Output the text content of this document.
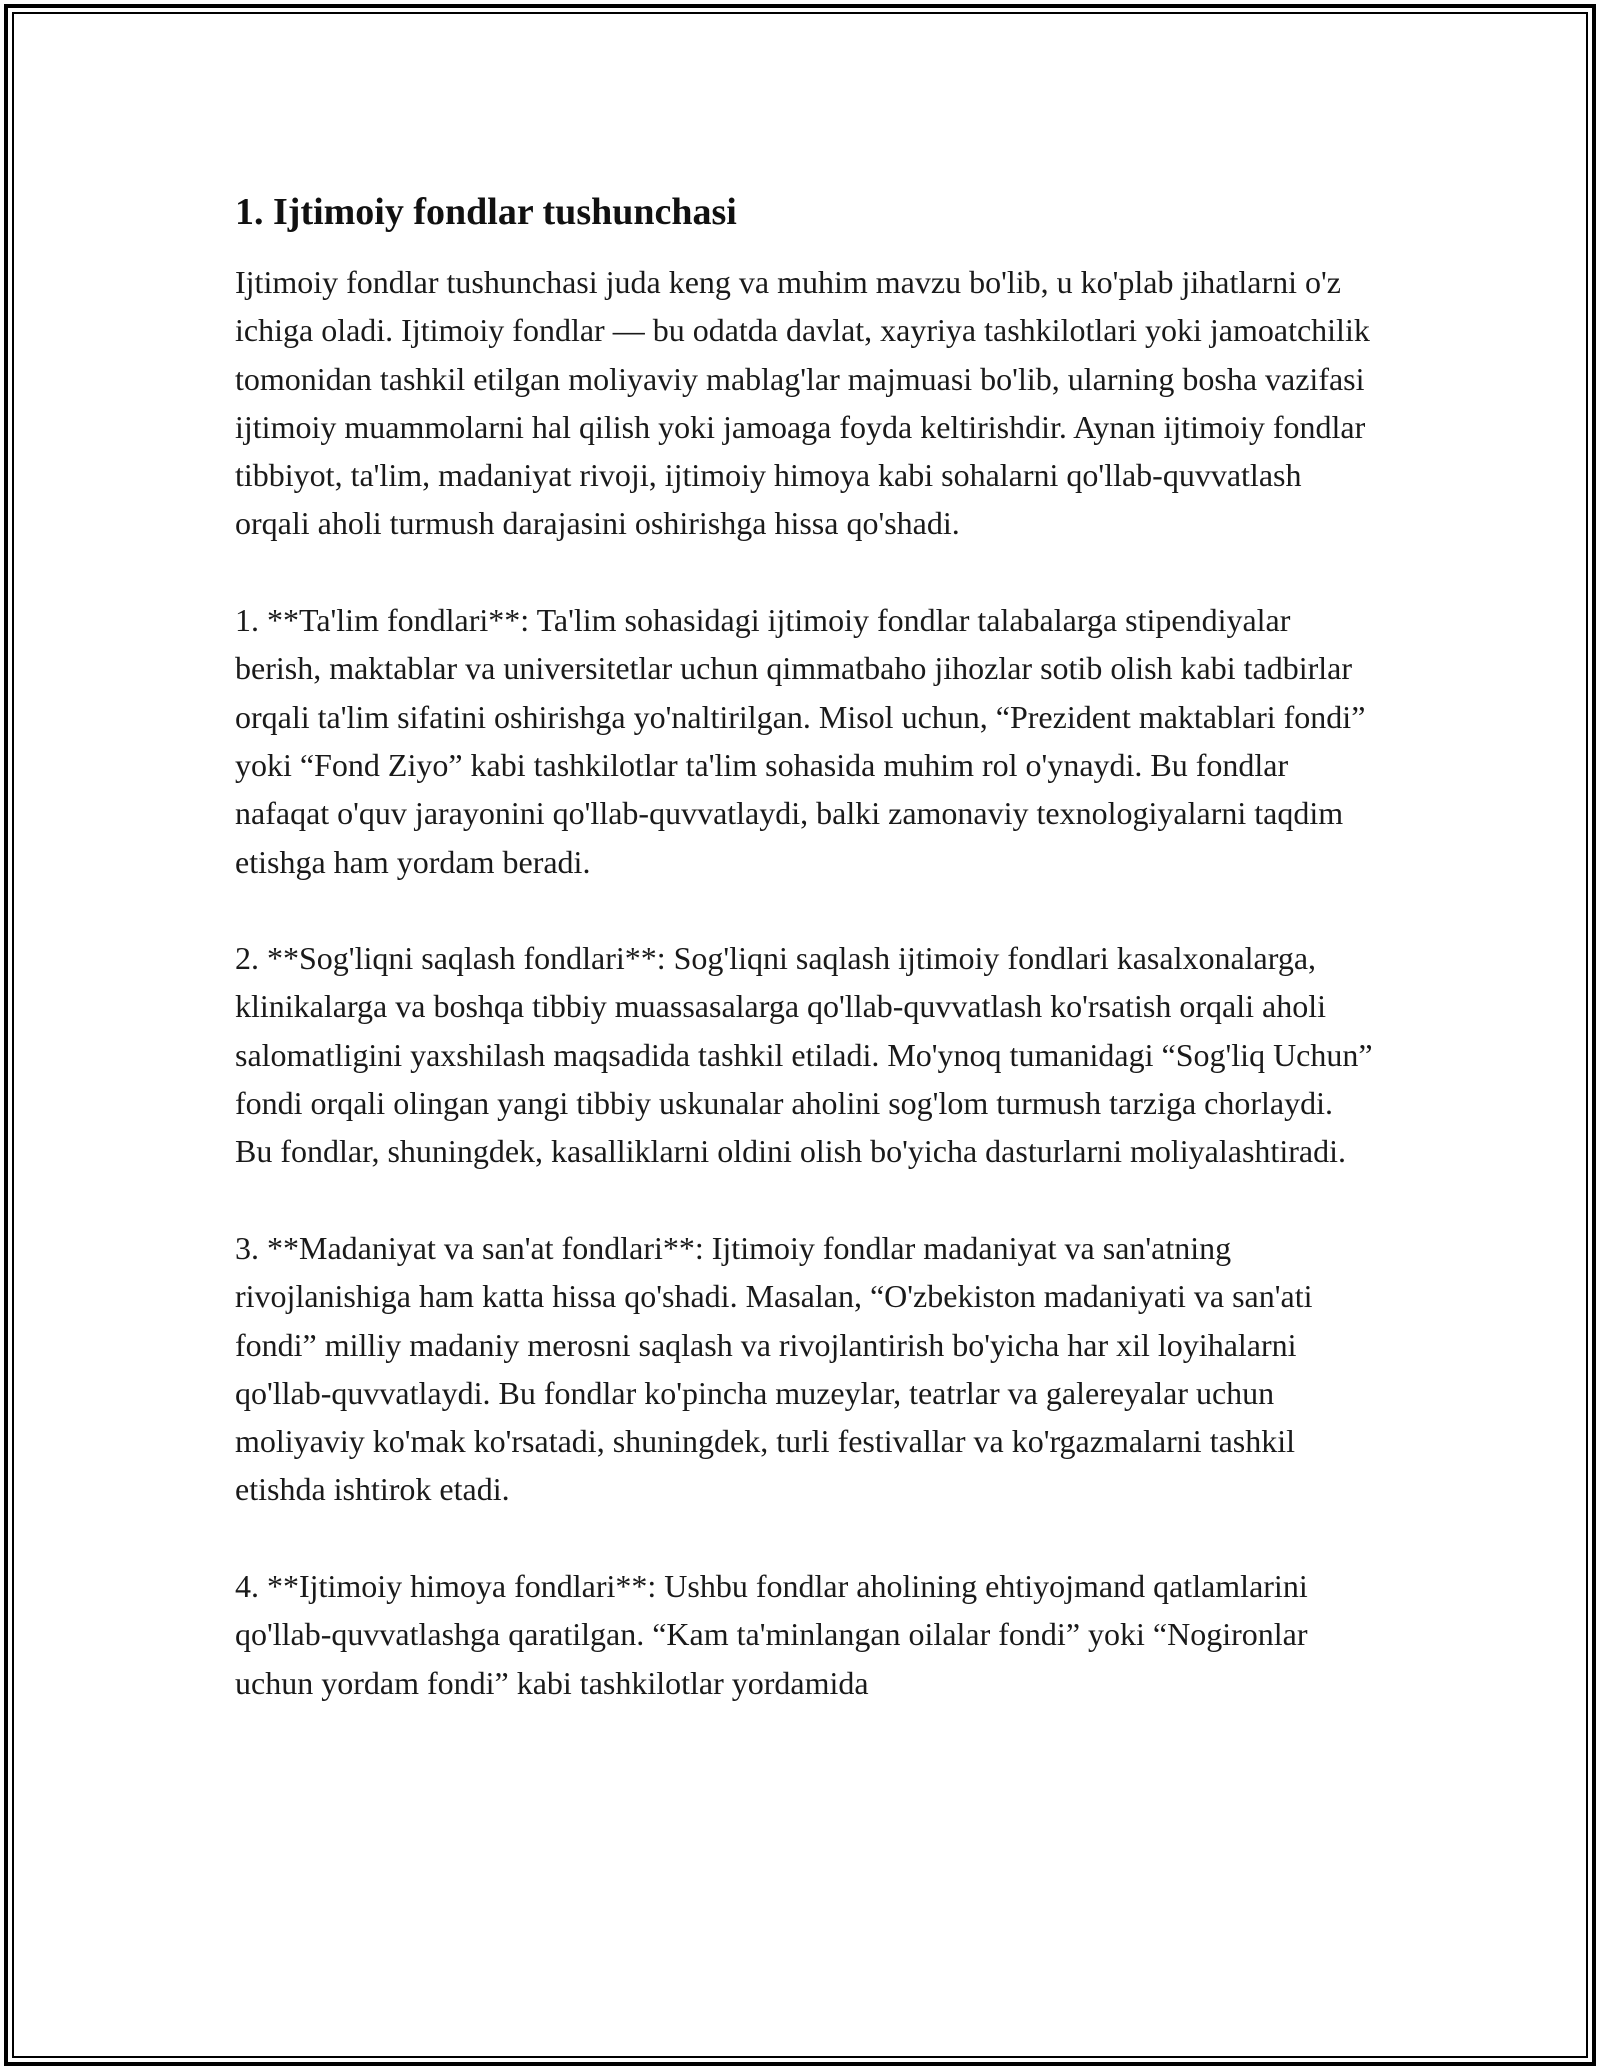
1. Ijtimoiy fondlar tushunchasi

Ijtimoiy fondlar tushunchasi juda keng va muhim mavzu bo'lib, u ko'plab jihatlarni o'z ichiga oladi. Ijtimoiy fondlar — bu odatda davlat, xayriya tashkilotlari yoki jamoatchilik tomonidan tashkil etilgan moliyaviy mablag'lar majmuasi bo'lib, ularning bosha vazifasi ijtimoiy muammolarni hal qilish yoki jamoaga foyda keltirishdir. Aynan ijtimoiy fondlar tibbiyot, ta'lim, madaniyat rivoji, ijtimoiy himoya kabi sohalarni qo'llab-quvvatlash orqali aholi turmush darajasini oshirishga hissa qo'shadi.

1. **Ta'lim fondlari**: Ta'lim sohasidagi ijtimoiy fondlar talabalarga stipendiyalar berish, maktablar va universitetlar uchun qimmatbaho jihozlar sotib olish kabi tadbirlar orqali ta'lim sifatini oshirishga yo'naltirilgan. Misol uchun, “Prezident maktablari fondi” yoki “Fond Ziyo” kabi tashkilotlar ta'lim sohasida muhim rol o'ynaydi. Bu fondlar nafaqat o'quv jarayonini qo'llab-quvvatlaydi, balki zamonaviy texnologiyalarni taqdim etishga ham yordam beradi.

2. **Sog'liqni saqlash fondlari**: Sog'liqni saqlash ijtimoiy fondlari kasalxonalarga, klinikalarga va boshqa tibbiy muassasalarga qo'llab-quvvatlash ko'rsatish orqali aholi salomatligini yaxshilash maqsadida tashkil etiladi. Mo'ynoq tumanidagi “Sog'liq Uchun” fondi orqali olingan yangi tibbiy uskunalar aholini sog'lom turmush tarziga chorlaydi. Bu fondlar, shuningdek, kasalliklarni oldini olish bo'yicha dasturlarni moliyalashtiradi.

3. **Madaniyat va san'at fondlari**: Ijtimoiy fondlar madaniyat va san'atning rivojlanishiga ham katta hissa qo'shadi. Masalan, “O'zbekiston madaniyati va san'ati fondi” milliy madaniy merosni saqlash va rivojlantirish bo'yicha har xil loyihalarni qo'llab-quvvatlaydi. Bu fondlar ko'pincha muzeylar, teatrlar va galereyalar uchun moliyaviy ko'mak ko'rsatadi, shuningdek, turli festivallar va ko'rgazmalarni tashkil etishda ishtirok etadi.

4. **Ijtimoiy himoya fondlari**: Ushbu fondlar aholining ehtiyojmand qatlamlarini qo'llab-quvvatlashga qaratilgan. “Kam ta'minlangan oilalar fondi” yoki “Nogironlar uchun yordam fondi” kabi tashkilotlar yordamida
